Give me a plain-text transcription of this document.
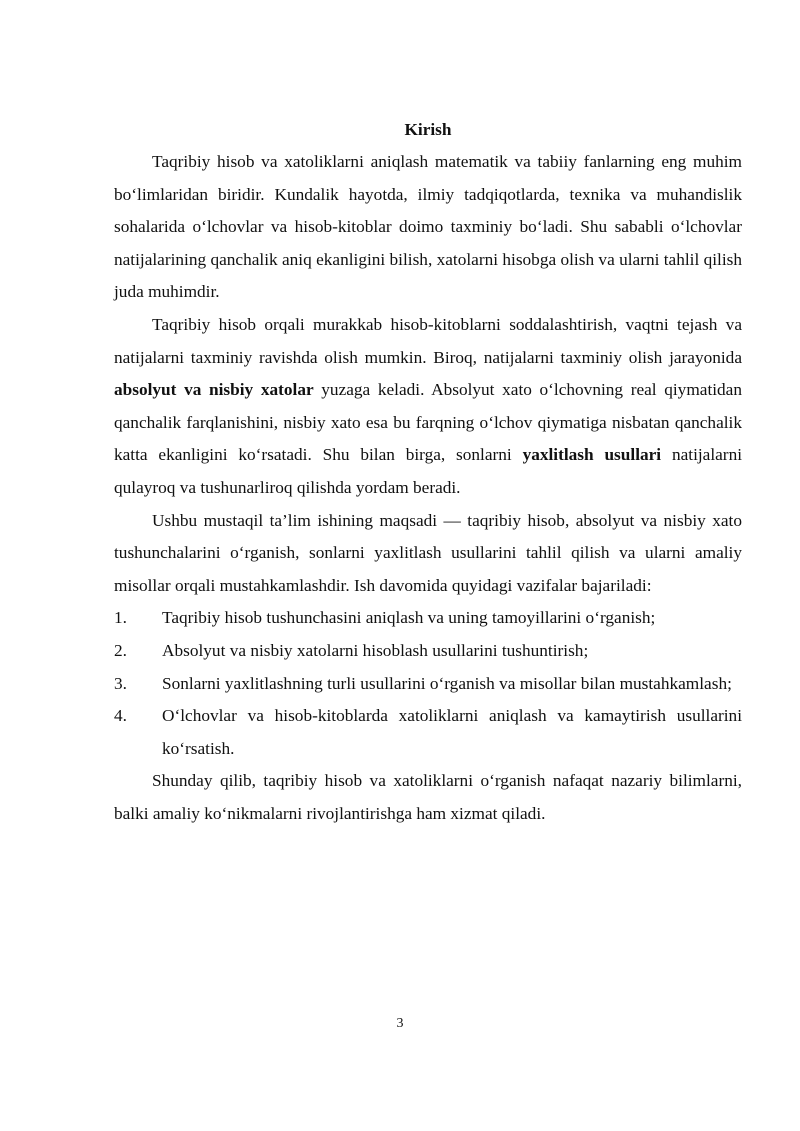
Kirish

Taqribiy hisob va xatoliklarni aniqlash matematik va tabiiy fanlarning eng muhim bo‘limlaridan biridir. Kundalik hayotda, ilmiy tadqiqotlarda, texnika va muhandislik sohalarida o‘lchovlar va hisob-kitoblar doimo taxminiy bo‘ladi. Shu sababli o‘lchovlar natijalarining qanchalik aniq ekanligini bilish, xatolarni hisobga olish va ularni tahlil qilish juda muhimdir.

Taqribiy hisob orqali murakkab hisob-kitoblarni soddalashtirish, vaqtni tejash va natijalarni taxminiy ravishda olish mumkin. Biroq, natijalarni taxminiy olish jarayonida absolyut va nisbiy xatolar yuzaga keladi. Absolyut xato o‘lchovning real qiymatidan qanchalik farqlanishini, nisbiy xato esa bu farqning o‘lchov qiymatiga nisbatan qanchalik katta ekanligini ko‘rsatadi. Shu bilan birga, sonlarni yaxlitlash usullari natijalarni qulayroq va tushunarliroq qilishda yordam beradi.

Ushbu mustaqil ta’lim ishining maqsadi — taqribiy hisob, absolyut va nisbiy xato tushunchalarini o‘rganish, sonlarni yaxlitlash usullarini tahlil qilish va ularni amaliy misollar orqali mustahkamlashdir. Ish davomida quyidagi vazifalar bajariladi:

1.	Taqribiy hisob tushunchasini aniqlash va uning tamoyillarini o‘rganish;
2.	Absolyut va nisbiy xatolarni hisoblash usullarini tushuntirish;
3.	Sonlarni yaxlitlashning turli usullarini o‘rganish va misollar bilan mustahkamlash;
4.	O‘lchovlar va hisob-kitoblarda xatoliklarni aniqlash va kamaytirish usullarini ko‘rsatish.

Shunday qilib, taqribiy hisob va xatoliklarni o‘rganish nafaqat nazariy bilimlarni, balki amaliy ko‘nikmalarni rivojlantirishga ham xizmat qiladi.

3
